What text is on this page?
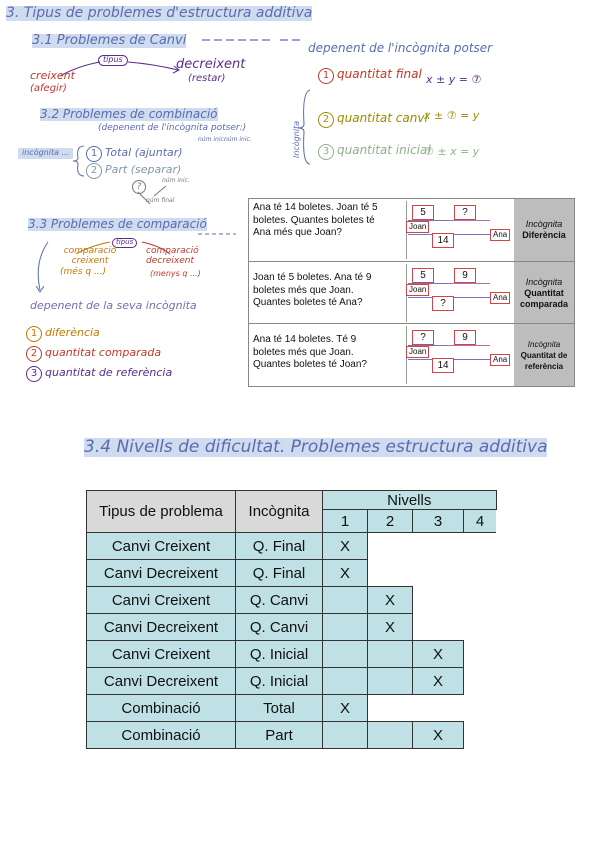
3. Tipus de problemes d'estructura additiva
3.1 Problemes de Canvi
tipus
creixent
(afegir)
decreixent
(restar)
depenent de l'incògnita potser
Incògnita
1 quantitat final x ± y = ⑦
2 quantitat canvi
x ± ⑦ = y
3 quantitat inicial
⑦ ± x = y
3.2 Problemes de combinació
(depenent de l'incògnita potser:)
incògnita ...	1 Total (ajuntar)
2 Part (separar)
núm inic.
núm inic.
?
núm inic.
núm final
3.3 Problemes de comparació
tipus
comparació creixent
(més q ...)
comparació decreixent
(menys q ...)
depenent de la seva incògnita
1 diferència
2 quantitat comparada
3 quantitat de referència
3.4 Nivells de dificultat. Problemes estructura additiva
Ana té 14 boletes. Joan té 5 boletes. Quantes boletes té Ana més que Joan?
5	?
Joan
14
Ana
Incògnita
Diferència
Joan té 5 boletes. Ana té 9 boletes més que Joan. Quantes boletes té Ana?
5	9
Joan
?
Ana
Incògnita
Quantitat comparada
Ana té 14 boletes. Té 9 boletes més que Joan. Quantes boletes té Joan?
?	9
Joan
14
Ana
Incògnita
Quantitat de referència
Tipus de problema	Incògnita	Nivells			
		1	2	3	4
Canvi Creixent	Q. Final	X			
Canvi Decreixent	Q. Final	X			
Canvi Creixent	Q. Canvi		X		
Canvi Decreixent	Q. Canvi		X		
Canvi Creixent	Q. Inicial			X	
Canvi Decreixent	Q. Inicial			X	
Combinació	Total	X			
Combinació	Part			X	
